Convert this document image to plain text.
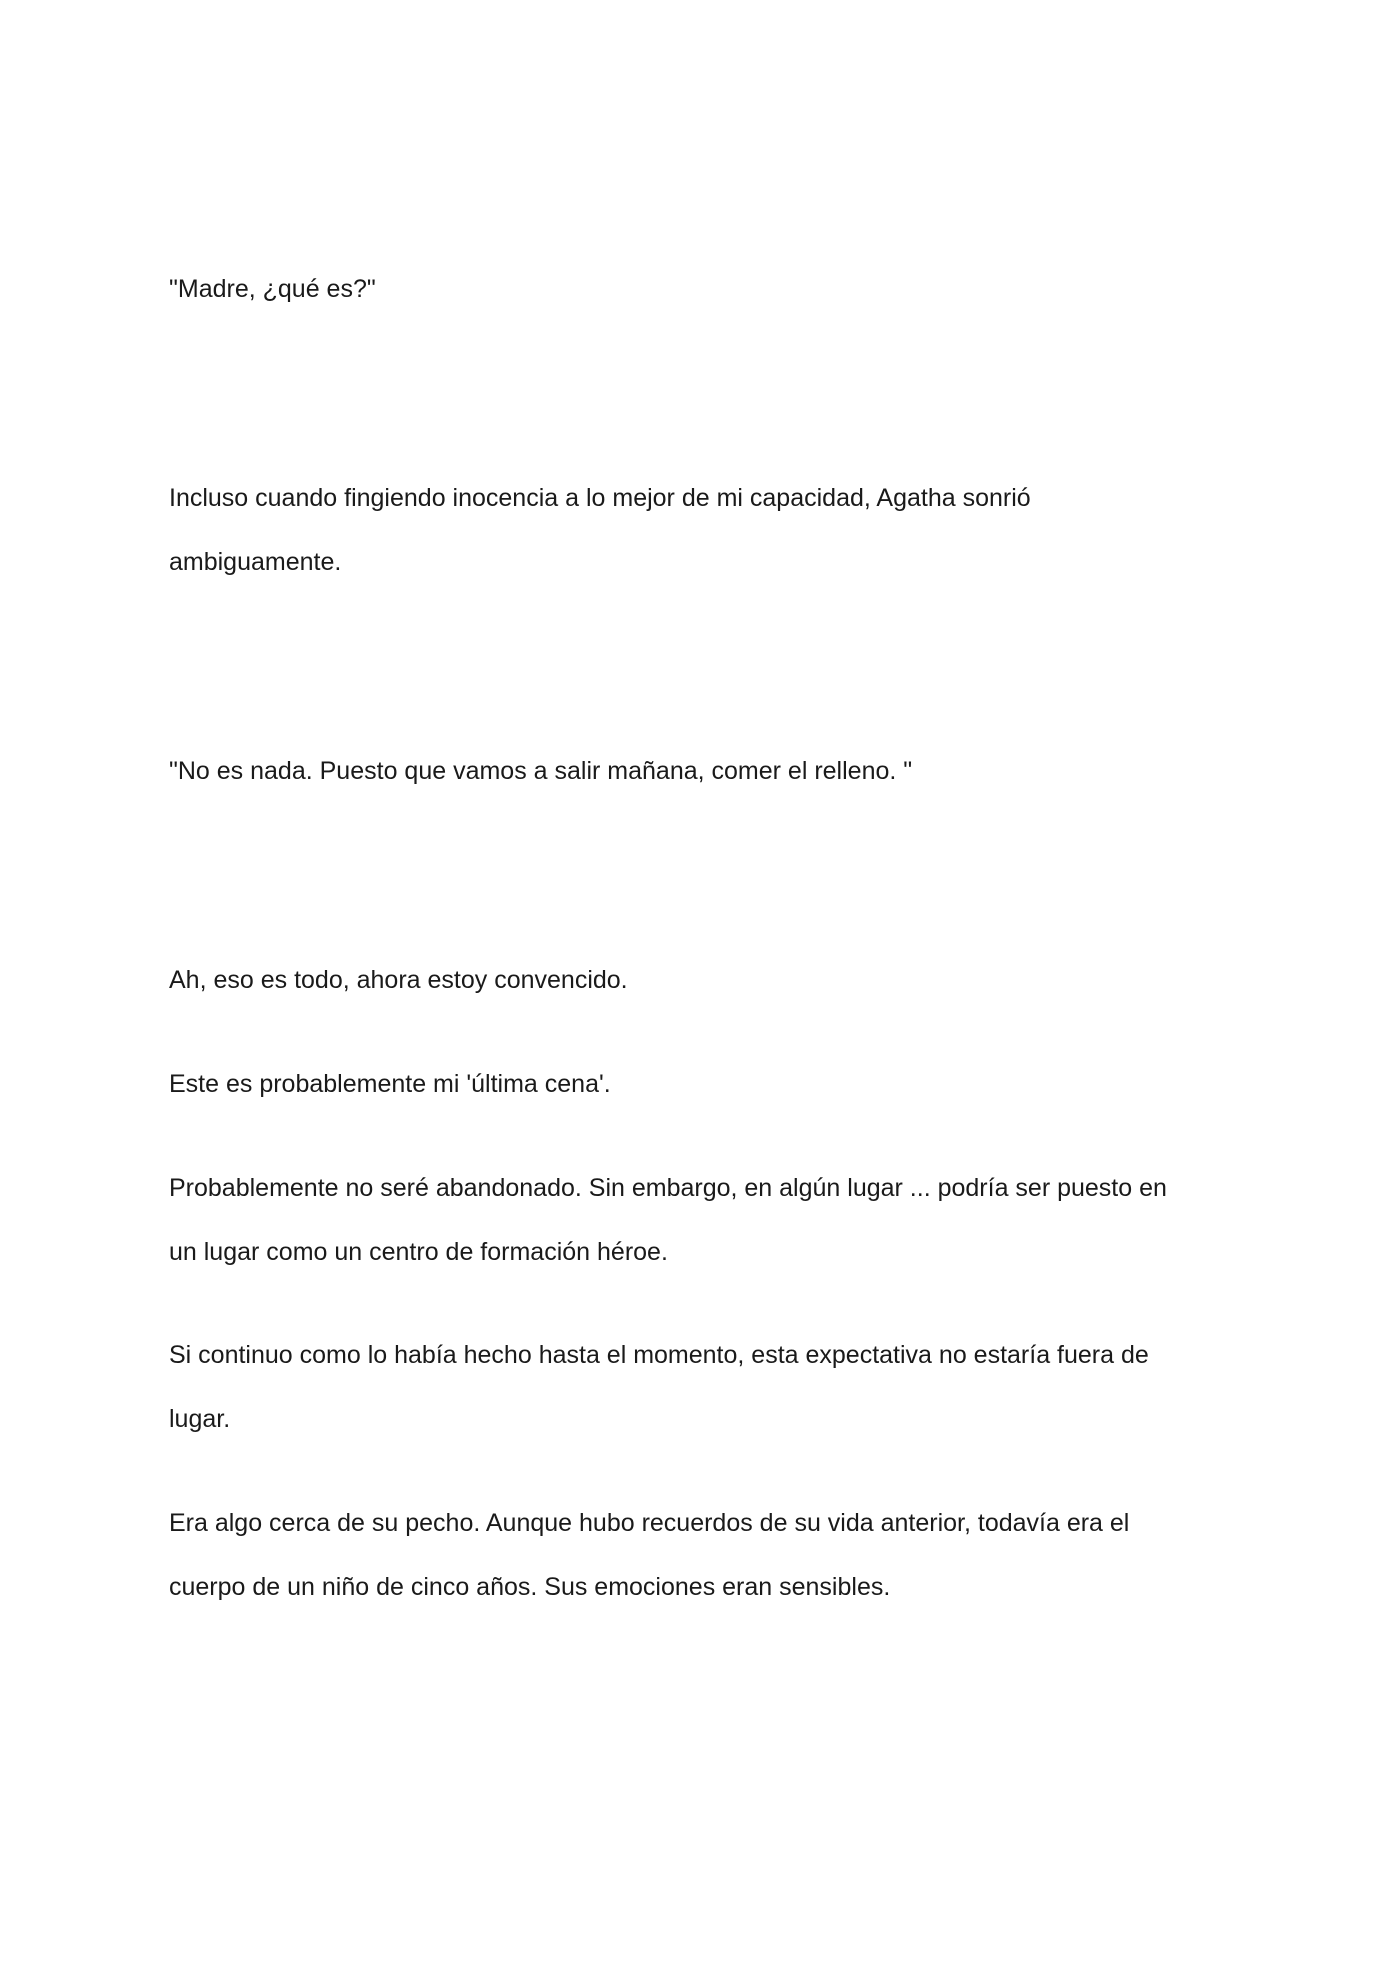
"Madre, ¿qué es?"

Incluso cuando fingiendo inocencia a lo mejor de mi capacidad, Agatha sonrió

ambiguamente.

"No es nada. Puesto que vamos a salir mañana, comer el relleno. "

Ah, eso es todo, ahora estoy convencido.

Este es probablemente mi 'última cena'.

Probablemente no seré abandonado. Sin embargo, en algún lugar ... podría ser puesto en

un lugar como un centro de formación héroe.

Si continuo como lo había hecho hasta el momento, esta expectativa no estaría fuera de

lugar.

Era algo cerca de su pecho. Aunque hubo recuerdos de su vida anterior, todavía era el

cuerpo de un niño de cinco años. Sus emociones eran sensibles.
